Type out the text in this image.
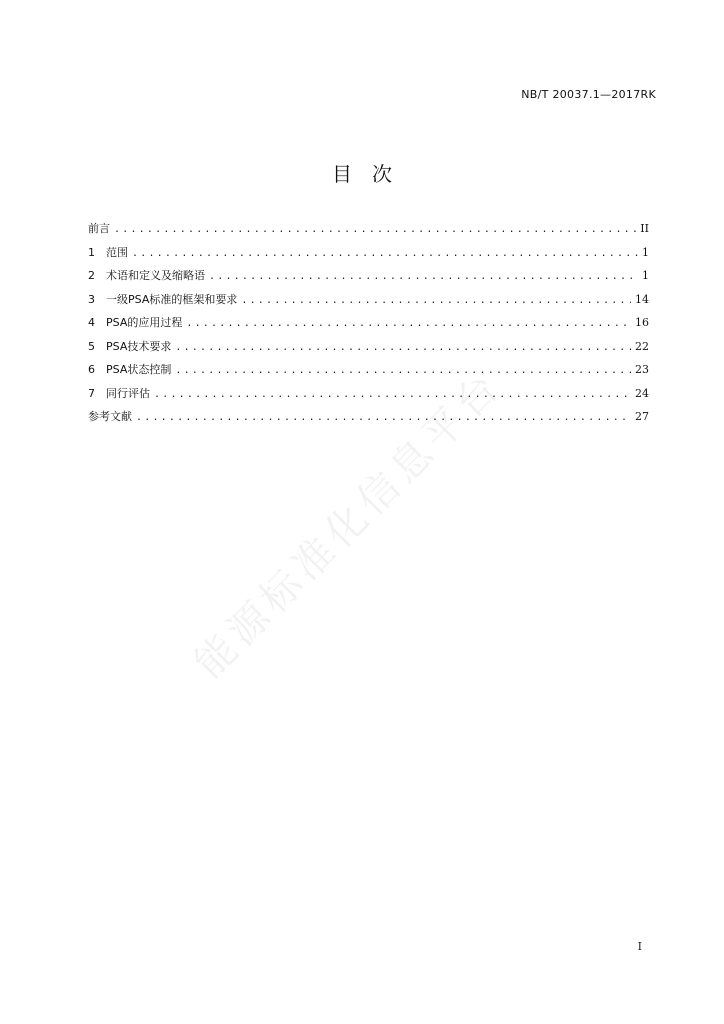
NB/T 20037.1—2017RK
目次
前言 .....	II
1	范围 .....	1
2	术语和定义及缩略语 .....	1
3	一级PSA标准的框架和要求 .....	14
4	PSA的应用过程 .....	16
5	PSA技术要求 .....	22
6	PSA状态控制 .....	23
7	同行评估 .....	24
参考文献 .....	27
能源标准化信息平台
I
